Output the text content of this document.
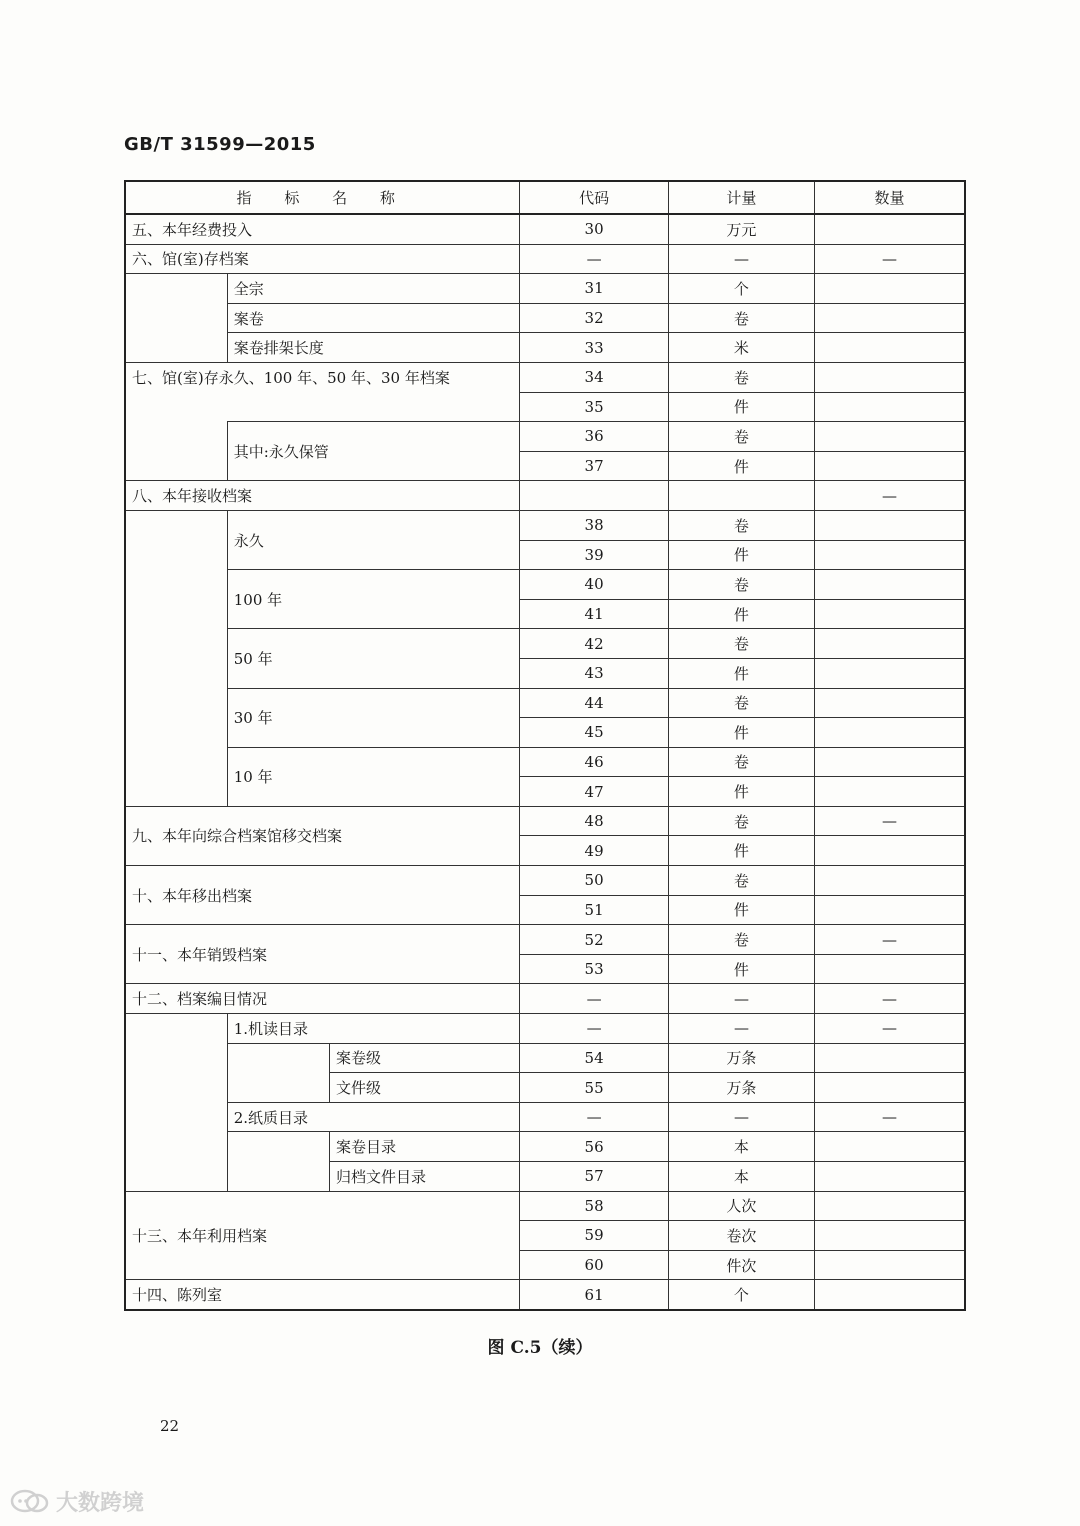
GB/T 31599—2015
指 标 名 称			代码	计量	数量
五、本年经费投入			30	万元	
六、馆(室)存档案			—	—	—
	全宗		31	个	
	案卷		32	卷	
	案卷排架长度		33	米	
七、馆(室)存永久、100 年、50 年、30 年档案			34	卷	
			35	件	
	其中:永久保管		36	卷	
			37	件	
八、本年接收档案					—
	永久		38	卷	
			39	件	
	100 年		40	卷	
			41	件	
	50 年		42	卷	
			43	件	
	30 年		44	卷	
			45	件	
	10 年		46	卷	
			47	件	
九、本年向综合档案馆移交档案			48	卷	—
			49	件	
十、本年移出档案			50	卷	
			51	件	
十一、本年销毁档案			52	卷	—
			53	件	
十二、档案编目情况			—	—	—
	1.机读目录		—	—	—
		案卷级	54	万条	
		文件级	55	万条	
	2.纸质目录		—	—	—
		案卷目录	56	本	
		归档文件目录	57	本	
十三、本年利用档案			58	人次	
			59	卷次	
			60	件次	
十四、陈列室			61	个	
图 C.5（续）
22
大数跨境
